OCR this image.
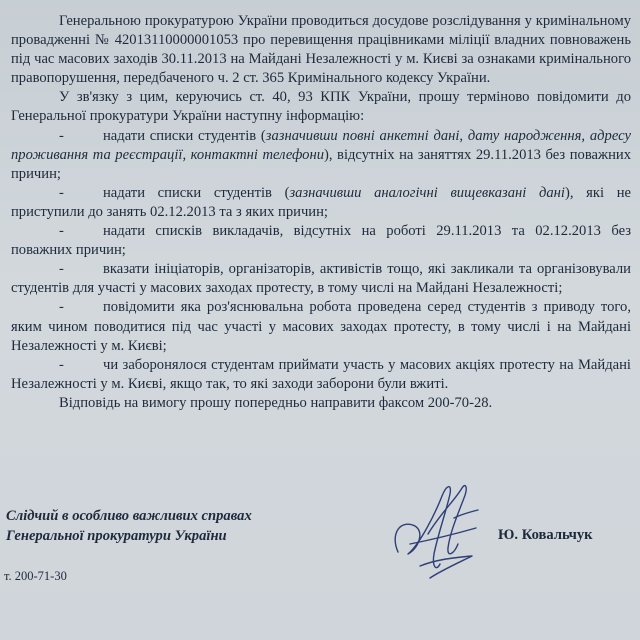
Генеральною прокуратурою України проводиться досудове розслідування у кримінальному провадженні № 42013110000001053 про перевищення працівниками міліції владних повноважень під час масових заходів 30.11.2013 на Майдані Незалежності у м. Києві за ознаками кримінального правопорушення, передбаченого ч. 2 ст. 365 Кримінального кодексу України.

У зв'язку з цим, керуючись ст. 40, 93 КПК України, прошу терміново повідомити до Генеральної прокуратури України наступну інформацію:

-	надати списки студентів (зазначивши повні анкетні дані, дату народження, адресу проживання та реєстрації, контактні телефони), відсутніх на заняттях 29.11.2013 без поважних причин;

-	надати списки студентів (зазначивши аналогічні вищевказані дані), які не приступили до занять 02.12.2013 та з яких причин;

-	надати списків викладачів, відсутніх на роботі 29.11.2013 та 02.12.2013 без поважних причин;

-	вказати ініціаторів, організаторів, активістів тощо, які закликали та організовували студентів для участі у масових заходах протесту, в тому числі на Майдані Незалежності;

-	повідомити яка роз'яснювальна робота проведена серед студентів з приводу того, яким чином поводитися під час участі у масових заходах протесту, в тому числі і на Майдані Незалежності у м. Києві;

-	чи заборонялося студентам приймати участь у масових акціях протесту на Майдані Незалежності у м. Києві, якщо так, то які заходи заборони були вжиті.

Відповідь на вимогу прошу попередньо направити факсом 200-70-28.

Слідчий в особливо важливих справах
Генеральної прокуратури України	Ю. Ковальчук
т. 200-71-30
